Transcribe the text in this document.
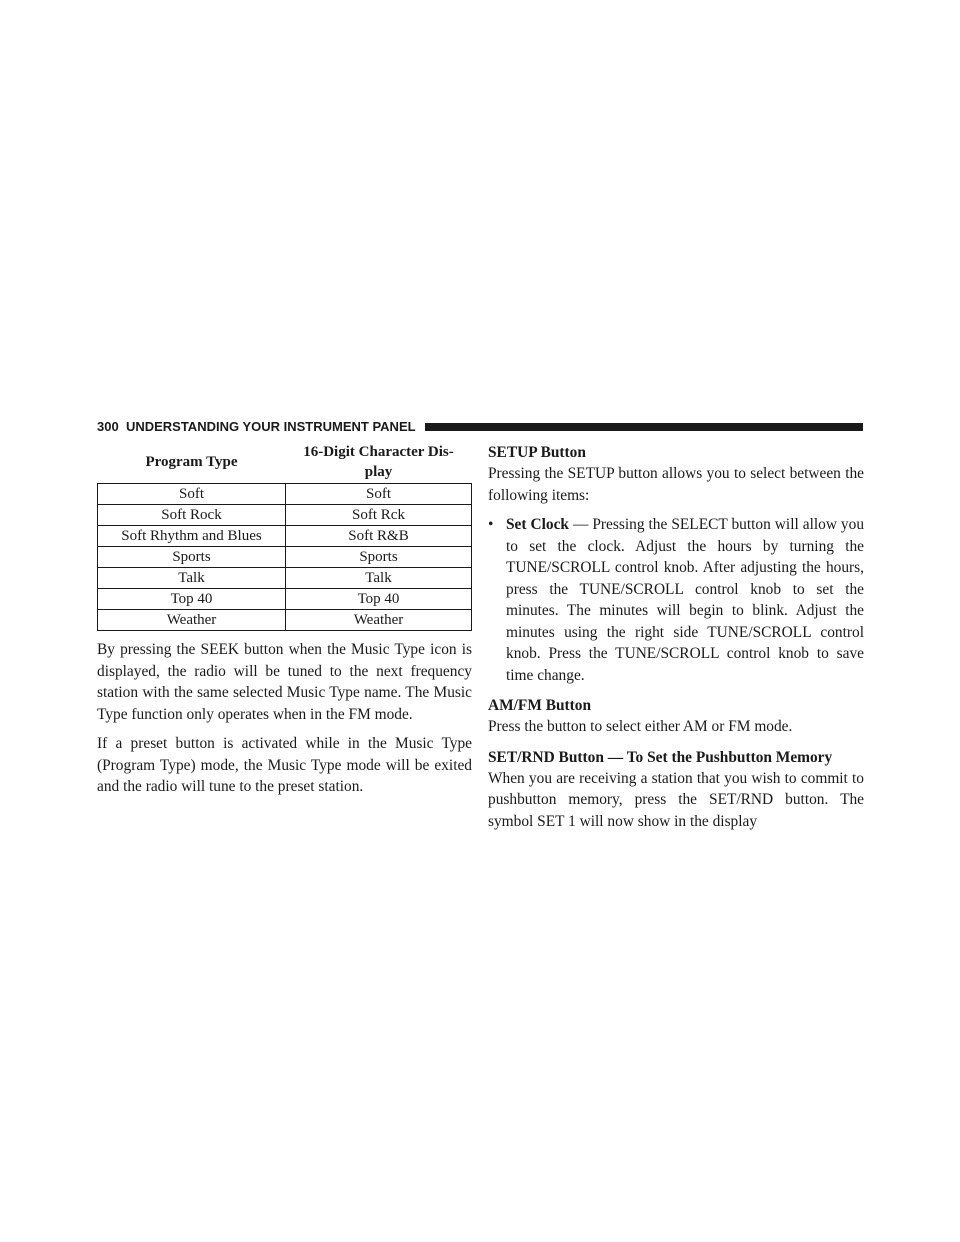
300 UNDERSTANDING YOUR INSTRUMENT PANEL
Program Type	16-Digit Character Dis-
play
Soft	Soft
Soft Rock	Soft Rck
Soft Rhythm and Blues	Soft R&B
Sports	Sports
Talk	Talk
Top 40	Top 40
Weather	Weather

By pressing the SEEK button when the Music Type icon is displayed, the radio will be tuned to the next frequency station with the same selected Music Type name. The Music Type function only operates when in the FM mode.

If a preset button is activated while in the Music Type (Program Type) mode, the Music Type mode will be exited and the radio will tune to the preset station.

SETUP Button

Pressing the SETUP button allows you to select between the following items:

• Set Clock — Pressing the SELECT button will allow you to set the clock. Adjust the hours by turning the TUNE/SCROLL control knob. After adjusting the hours, press the TUNE/SCROLL control knob to set the minutes. The minutes will begin to blink. Adjust the minutes using the right side TUNE/SCROLL control knob. Press the TUNE/SCROLL control knob to save time change.

AM/FM Button

Press the button to select either AM or FM mode.

SET/RND Button — To Set the Pushbutton Memory

When you are receiving a station that you wish to commit to pushbutton memory, press the SET/RND button. The symbol SET 1 will now show in the display
